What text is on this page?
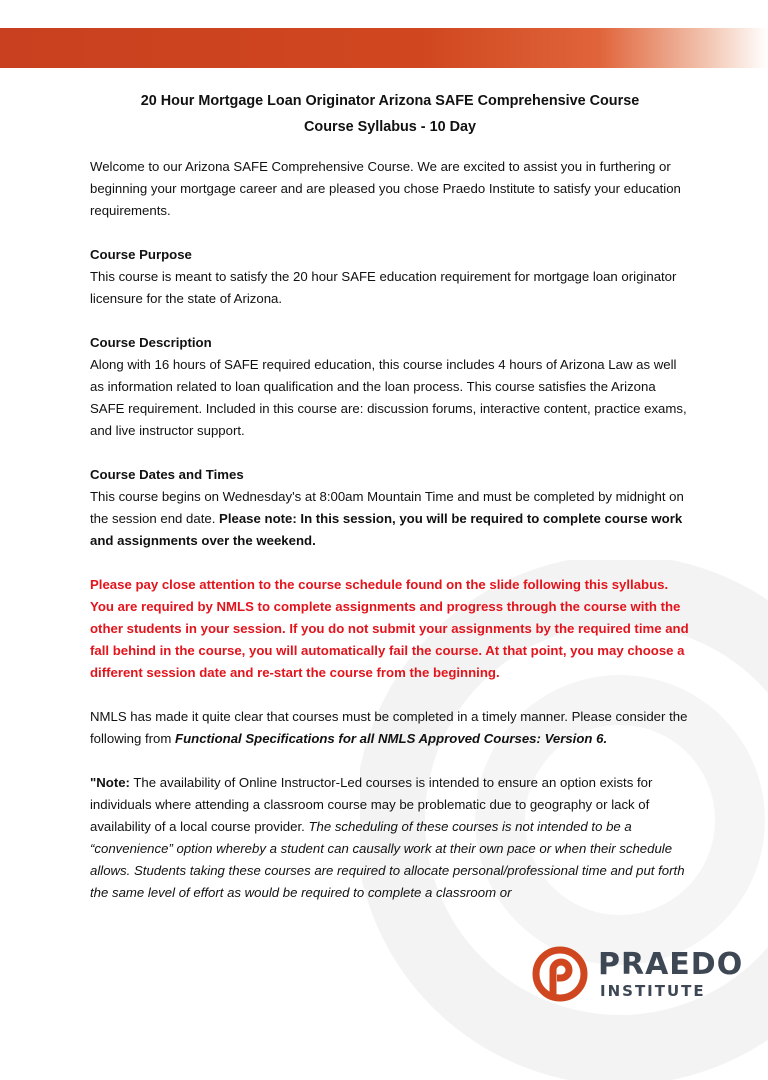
20 Hour Mortgage Loan Originator Arizona SAFE Comprehensive Course
Course Syllabus - 10 Day

Welcome to our Arizona SAFE Comprehensive Course. We are excited to assist you in furthering or beginning your mortgage career and are pleased you chose Praedo Institute to satisfy your education requirements.

Course Purpose
This course is meant to satisfy the 20 hour SAFE education requirement for mortgage loan originator licensure for the state of Arizona.

Course Description
Along with 16 hours of SAFE required education, this course includes 4 hours of Arizona Law as well as information related to loan qualification and the loan process. This course satisfies the Arizona SAFE requirement. Included in this course are: discussion forums, interactive content, practice exams, and live instructor support.

Course Dates and Times
This course begins on Wednesday's at 8:00am Mountain Time and must be completed by midnight on the session end date. Please note: In this session, you will be required to complete course work and assignments over the weekend.

Please pay close attention to the course schedule found on the slide following this syllabus. You are required by NMLS to complete assignments and progress through the course with the other students in your session. If you do not submit your assignments by the required time and fall behind in the course, you will automatically fail the course. At that point, you may choose a different session date and re-start the course from the beginning.

NMLS has made it quite clear that courses must be completed in a timely manner. Please consider the following from Functional Specifications for all NMLS Approved Courses: Version 6.

"Note: The availability of Online Instructor-Led courses is intended to ensure an option exists for individuals where attending a classroom course may be problematic due to geography or lack of availability of a local course provider. The scheduling of these courses is not intended to be a “convenience” option whereby a student can causally work at their own pace or when their schedule allows. Students taking these courses are required to allocate personal/professional time and put forth the same level of effort as would be required to complete a classroom or

PRAEDO
INSTITUTE
